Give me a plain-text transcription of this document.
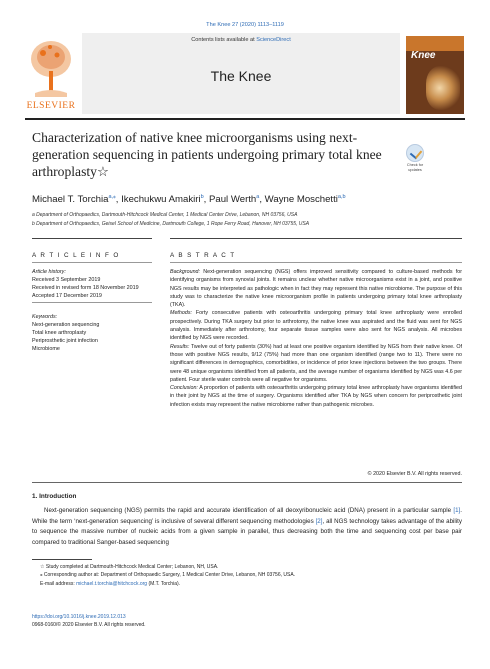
The Knee 27 (2020) 1113–1119
Contents lists available at ScienceDirect
The Knee
ELSEVIER
Knee
Characterization of native knee microorganisms using next-generation sequencing in patients undergoing primary total knee arthroplasty☆	Check for updates
Michael T. Torchia$^{a,⁎}$, Ikechukwu Amakiri$^b$, Paul Werth$^a$, Wayne Moschetti$^{a,b}$
a Department of Orthopaedics, Dartmouth-Hitchcock Medical Center, 1 Medical Center Drive, Lebanon, NH 03756, USA
b Department of Orthopaedics, Geisel School of Medicine, Dartmouth College, 1 Rope Ferry Road, Hanover, NH 03755, USA
A R T I C L E I N F O	A B S T R A C T
Article history:
Received 3 September 2019
Received in revised form 18 November 2019
Accepted 17 December 2019
Keywords:
Next-generation sequencing
Total knee arthroplasty
Periprosthetic joint infection
Microbiome

Background: Next-generation sequencing (NGS) offers improved sensitivity compared to culture-based methods for identifying organisms from synovial joints. It remains unclear whether native microorganisms exist in a joint, and positive NGS results may be interpreted as pathologic when in fact they may represent this native microbiome. The purpose of this study was to characterize the native knee microorganism profile in patients undergoing primary total knee arthroplasty (TKA).

Methods: Forty consecutive patients with osteoarthritis undergoing primary total knee arthroplasty were enrolled prospectively. During TKA surgery but prior to arthrotomy, the native knee was aspirated and the fluid was sent for NGS analysis. Immediately after arthrotomy, four separate tissue samples were also sent for NGS analysis. All microbes identified by NGS were recorded.

Results: Twelve out of forty patients (30%) had at least one positive organism identified by NGS from their native knee. Of those with positive NGS results, 9/12 (75%) had more than one organism identified (range two to 11). There were no significant differences in demographics, comorbidities, or incidence of prior knee injections between the two groups. There were 48 unique organisms identified from all patients, and the average number of organisms identified by NGS was 4.6 per patient. Four sterile water controls were all negative for organisms.

Conclusion: A proportion of patients with osteoarthritis undergoing primary total knee arthroplasty have organisms identified in their joint by NGS at the time of surgery. Organisms identified after TKA by NGS when concern for periprosthetic joint infection exists may represent the native microbiome rather than pathogenic microbes.

© 2020 Elsevier B.V. All rights reserved.
1. Introduction
Next-generation sequencing (NGS) permits the rapid and accurate identification of all deoxyribonucleic acid (DNA) present in a particular sample [1]. While the term ‘next-generation sequencing’ is inclusive of several different sequencing methodologies [2], all NGS technology takes advantage of the ability to sequence the massive number of nucleic acids from a given sample in parallel, thus decreasing both the time and sequencing cost per base pair compared to traditional Sanger-based sequencing
☆ Study completed at Dartmouth-Hitchcock Medical Center; Lebanon, NH, USA.
⁎ Corresponding author at: Department of Orthopaedic Surgery, 1 Medical Center Drive, Lebanon, NH 03756, USA.
E-mail address: michael.t.torchia@hitchcock.org (M.T. Torchia).
https://doi.org/10.1016/j.knee.2019.12.013
0968-0160/© 2020 Elsevier B.V. All rights reserved.
